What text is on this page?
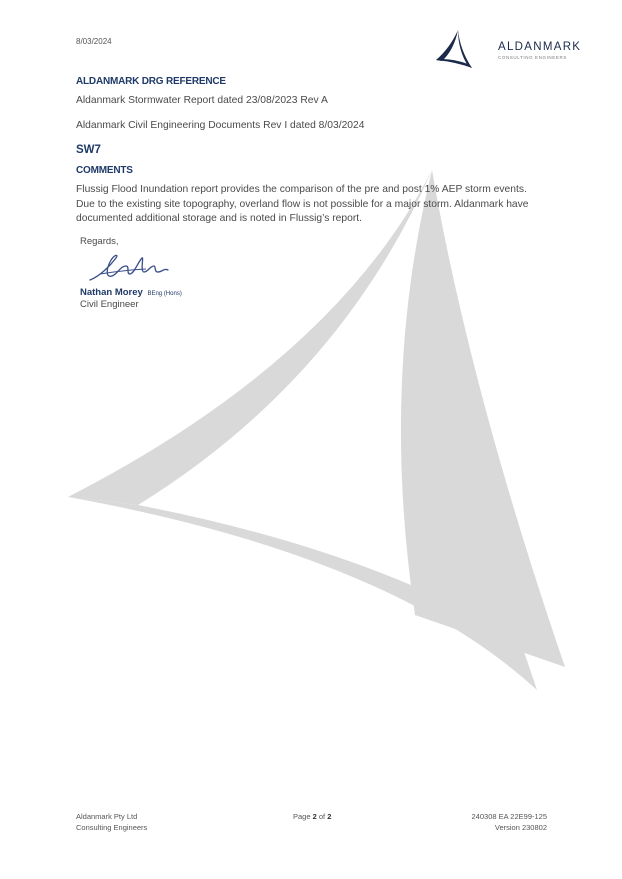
8/03/2024	ALDANMARK
CONSULTING ENGINEERS
ALDANMARK DRG REFERENCE
Aldanmark Stormwater Report dated 23/08/2023 Rev A
Aldanmark Civil Engineering Documents Rev I dated 8/03/2024
SW7
COMMENTS
Flussig Flood Inundation report provides the comparison of the pre and post 1% AEP storm events.
Due to the existing site topography, overland flow is not possible for a major storm. Aldanmark have
documented additional storage and is noted in Flussig’s report.
Regards,
Nathan Morey BEng (Hons)
Civil Engineer
Aldanmark Pty Ltd
Consulting Engineers
Page 2 of 2	240308 EA 22E99-125
Version 230802
